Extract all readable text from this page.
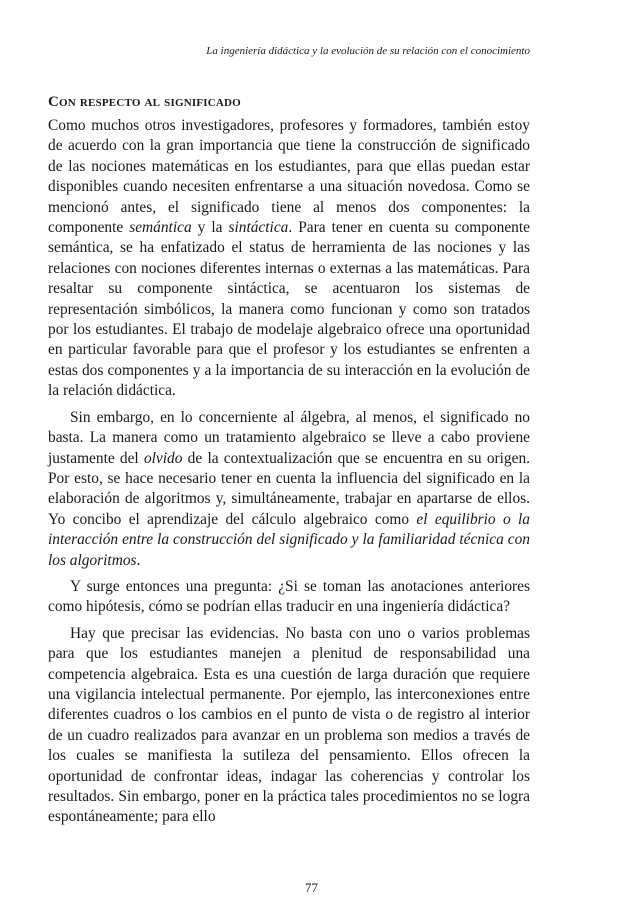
La ingeniería didáctica y la evolución de su relación con el conocimiento
Con respecto al significado

Como muchos otros investigadores, profesores y formadores, también estoy de acuerdo con la gran importancia que tiene la construcción de significado de las nociones matemáticas en los estudiantes, para que ellas puedan estar disponibles cuando necesiten enfrentarse a una situación novedosa. Como se mencionó antes, el significado tiene al menos dos componentes: la componente semántica y la sintáctica. Para tener en cuenta su componente semántica, se ha enfatizado el status de herramienta de las nociones y las relaciones con nociones diferentes internas o externas a las matemáticas. Para resaltar su componente sintáctica, se acentuaron los sistemas de representación simbólicos, la manera como funcionan y como son tratados por los estudiantes. El trabajo de modelaje algebraico ofrece una oportunidad en particular favorable para que el profesor y los estudiantes se enfrenten a estas dos componentes y a la importancia de su interacción en la evolución de la relación didáctica.

Sin embargo, en lo concerniente al álgebra, al menos, el significado no basta. La manera como un tratamiento algebraico se lleve a cabo proviene justamente del olvido de la contextualización que se encuentra en su origen. Por esto, se hace necesario tener en cuenta la influencia del significado en la elaboración de algoritmos y, simultáneamente, trabajar en apartarse de ellos. Yo concibo el aprendizaje del cálculo algebraico como el equilibrio o la interacción entre la construcción del significado y la familiaridad técnica con los algoritmos.

Y surge entonces una pregunta: ¿Si se toman las anotaciones anteriores como hipótesis, cómo se podrían ellas traducir en una ingeniería didáctica?

Hay que precisar las evidencias. No basta con uno o varios problemas para que los estudiantes manejen a plenitud de responsabilidad una competencia algebraica. Esta es una cuestión de larga duración que requiere una vigilancia intelectual permanente. Por ejemplo, las interconexiones entre diferentes cuadros o los cambios en el punto de vista o de registro al interior de un cuadro realizados para avanzar en un problema son medios a través de los cuales se manifiesta la sutileza del pensamiento. Ellos ofrecen la oportunidad de confrontar ideas, indagar las coherencias y controlar los resultados. Sin embargo, poner en la práctica tales procedimientos no se logra espontáneamente; para ello

77
